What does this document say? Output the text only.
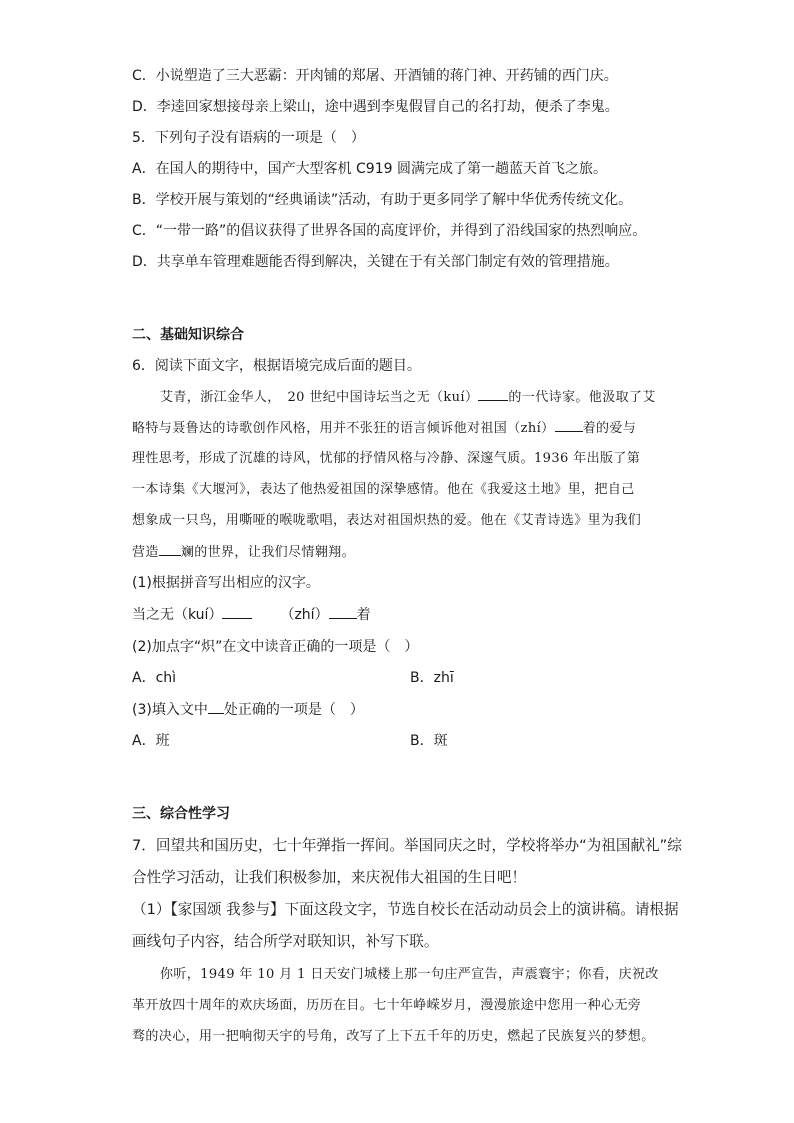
C．小说塑造了三大恶霸：开肉铺的郑屠、开酒铺的蒋门神、开药铺的西门庆。
D．李逵回家想接母亲上梁山，途中遇到李鬼假冒自己的名打劫，便杀了李鬼。
5．下列句子没有语病的一项是（　）
A．在国人的期待中，国产大型客机 C919 圆满完成了第一趟蓝天首飞之旅。
B．学校开展与策划的“经典诵读”活动，有助于更多同学了解中华优秀传统文化。
C．“一带一路”的倡议获得了世界各国的高度评价，并得到了沿线国家的热烈响应。
D．共享单车管理难题能否得到解决，关键在于有关部门制定有效的管理措施。
二、基础知识综合
6．阅读下面文字，根据语境完成后面的题目。
艾青，浙江金华人，　20 世纪中国诗坛当之无（kuí） 的一代诗家。他汲取了艾
略特与聂鲁达的诗歌创作风格，用并不张狂的语言倾诉他对祖国（zhí） 着的爱与
理性思考，形成了沉雄的诗风，忧郁的抒情风格与冷静、深邃气质。1936 年出版了第
一本诗集《大堰河》，表达了他热爱祖国的深挚感情。他在《我爱这土地》里，把自己
想象成一只鸟，用嘶哑的喉咙歌唱，表达对祖国炽热的爱。他在《艾青诗选》里为我们
营造 斓的世界，让我们尽情翱翔。
(1)根据拼音写出相应的汉字。
当之无（kuí）	（zhí） 着
(2)加点字“炽”在文中读音正确的一项是（　）
A．chì	B．zhī
(3)填入文中 处正确的一项是（　）
A．班	B．斑
三、综合性学习
7．回望共和国历史，七十年弹指一挥间。举国同庆之时，学校将举办“为祖国献礼”综
合性学习活动，让我们积极参加，来庆祝伟大祖国的生日吧！
（1）【家国颂 我参与】下面这段文字，节选自校长在活动动员会上的演讲稿。请根据
画线句子内容，结合所学对联知识，补写下联。
你听，1949 年 10 月 1 日天安门城楼上那一句庄严宣告，声震寰宇；你看，庆祝改
革开放四十周年的欢庆场面，历历在目。七十年峥嵘岁月，漫漫旅途中您用一种心无旁
骛的决心，用一把响彻天宇的号角，改写了上下五千年的历史，燃起了民族复兴的梦想。
